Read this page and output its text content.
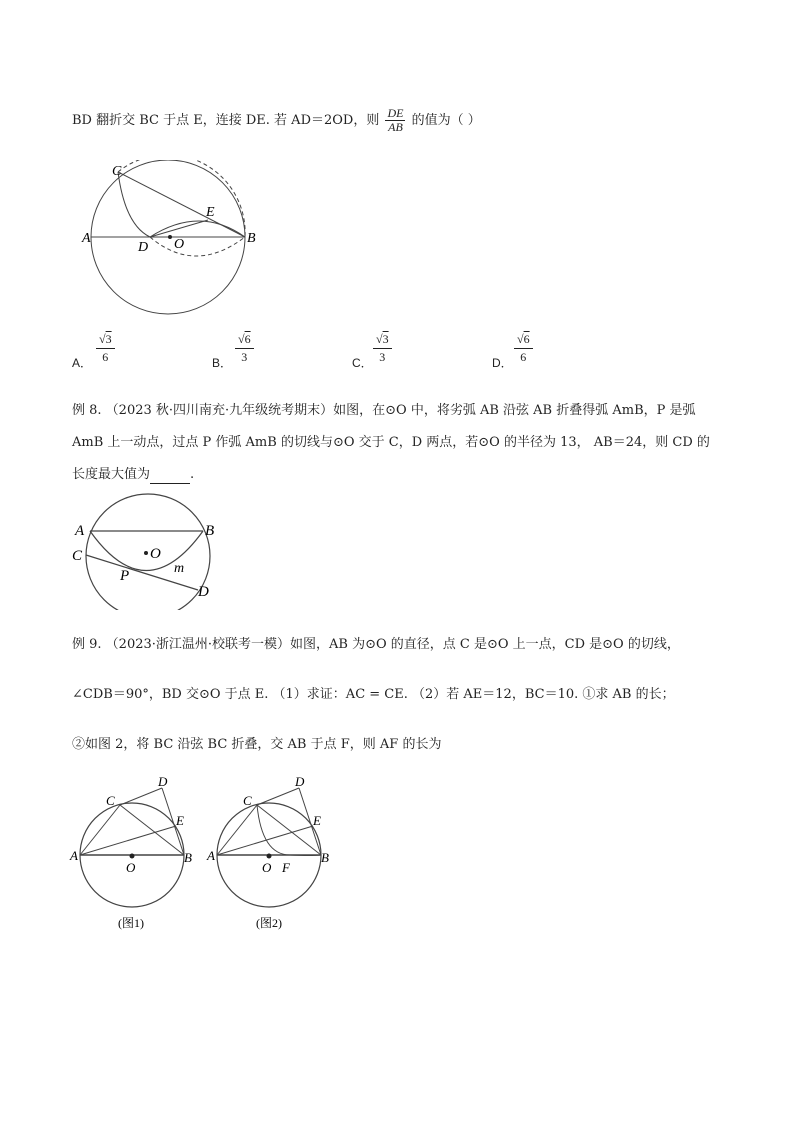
BD 翻折交 BC 于点 E，连接 DE. 若 AD＝2OD，则 $\frac{DE}{AB}$ 的值为（ ）
A	B
C
D
E
O
A． $\frac{√3}{6}$	B． $\frac{√6}{3}$	C． $\frac{√3}{3}$	D． $\frac{√6}{6}$
例 8. （2023 秋·四川南充·九年级统考期末）如图，在⊙O 中，将劣弧 AB 沿弦 AB 折叠得弧 AmB，P 是弧
AmB 上一动点，过点 P 作弧 AmB 的切线与⊙O 交于 C，D 两点，若⊙O 的半径为 13， AB＝24，则 CD 的
长度最大值为	.
A	B
C
D
O
P	m
例 9. （2023·浙江温州·校联考一模）如图，AB 为⊙O 的直径，点 C 是⊙O 上一点，CD 是⊙O 的切线，
∠CDB＝90°，BD 交⊙O 于点 E. （1）求证：AC = CE. （2）若 AE＝12，BC＝10. ①求 AB 的长；
②如图 2，将 BC 沿弦 BC 折叠，交 AB 于点 F，则 AF 的长为
A	B
C
D
E
O
(图1)
A	B
C
D
E
O F
(图2)
